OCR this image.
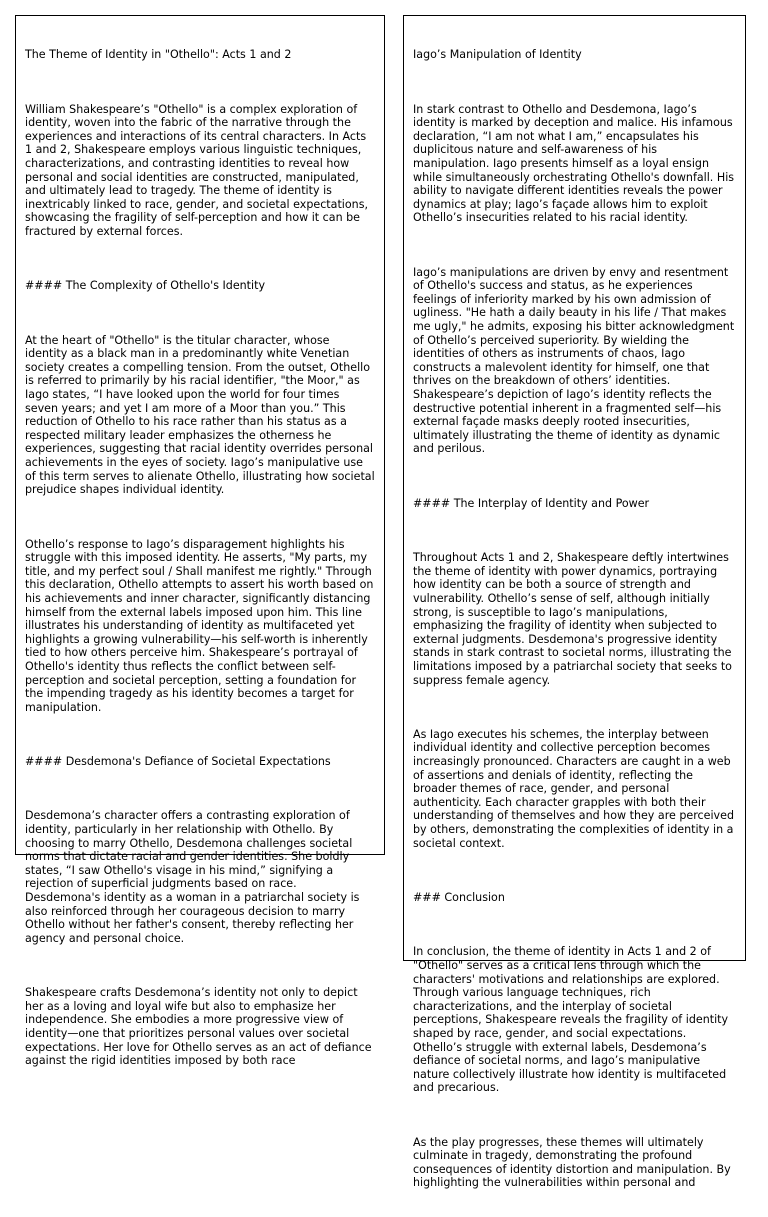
The Theme of Identity in "Othello": Acts 1 and 2

William Shakespeare’s "Othello" is a complex exploration of identity, woven into the fabric of the narrative through the experiences and interactions of its central characters. In Acts 1 and 2, Shakespeare employs various linguistic techniques, characterizations, and contrasting identities to reveal how personal and social identities are constructed, manipulated, and ultimately lead to tragedy. The theme of identity is inextricably linked to race, gender, and societal expectations, showcasing the fragility of self-perception and how it can be fractured by external forces.

#### The Complexity of Othello's Identity

At the heart of "Othello" is the titular character, whose identity as a black man in a predominantly white Venetian society creates a compelling tension. From the outset, Othello is referred to primarily by his racial identifier, "the Moor," as Iago states, “I have looked upon the world for four times seven years; and yet I am more of a Moor than you.” This reduction of Othello to his race rather than his status as a respected military leader emphasizes the otherness he experiences, suggesting that racial identity overrides personal achievements in the eyes of society. Iago’s manipulative use of this term serves to alienate Othello, illustrating how societal prejudice shapes individual identity.

Othello’s response to Iago’s disparagement highlights his struggle with this imposed identity. He asserts, "My parts, my title, and my perfect soul / Shall manifest me rightly." Through this declaration, Othello attempts to assert his worth based on his achievements and inner character, significantly distancing himself from the external labels imposed upon him. This line illustrates his understanding of identity as multifaceted yet highlights a growing vulnerability—his self-worth is inherently tied to how others perceive him. Shakespeare’s portrayal of Othello's identity thus reflects the conflict between self-perception and societal perception, setting a foundation for the impending tragedy as his identity becomes a target for manipulation.

#### Desdemona's Defiance of Societal Expectations

Desdemona’s character offers a contrasting exploration of identity, particularly in her relationship with Othello. By choosing to marry Othello, Desdemona challenges societal norms that dictate racial and gender identities. She boldly states, “I saw Othello's visage in his mind,” signifying a rejection of superficial judgments based on race. Desdemona's identity as a woman in a patriarchal society is also reinforced through her courageous decision to marry Othello without her father's consent, thereby reflecting her agency and personal choice.

Shakespeare crafts Desdemona’s identity not only to depict her as a loving and loyal wife but also to emphasize her independence. She embodies a more progressive view of identity—one that prioritizes personal values over societal expectations. Her love for Othello serves as an act of defiance against the rigid identities imposed by both race

Iago’s Manipulation of Identity

In stark contrast to Othello and Desdemona, Iago’s identity is marked by deception and malice. His infamous declaration, “I am not what I am,” encapsulates his duplicitous nature and self-awareness of his manipulation. Iago presents himself as a loyal ensign while simultaneously orchestrating Othello's downfall. His ability to navigate different identities reveals the power dynamics at play; Iago’s façade allows him to exploit Othello’s insecurities related to his racial identity.

Iago’s manipulations are driven by envy and resentment of Othello's success and status, as he experiences feelings of inferiority marked by his own admission of ugliness. "He hath a daily beauty in his life / That makes me ugly," he admits, exposing his bitter acknowledgment of Othello’s perceived superiority. By wielding the identities of others as instruments of chaos, Iago constructs a malevolent identity for himself, one that thrives on the breakdown of others’ identities. Shakespeare’s depiction of Iago’s identity reflects the destructive potential inherent in a fragmented self—his external façade masks deeply rooted insecurities, ultimately illustrating the theme of identity as dynamic and perilous.

#### The Interplay of Identity and Power

Throughout Acts 1 and 2, Shakespeare deftly intertwines the theme of identity with power dynamics, portraying how identity can be both a source of strength and vulnerability. Othello’s sense of self, although initially strong, is susceptible to Iago’s manipulations, emphasizing the fragility of identity when subjected to external judgments. Desdemona's progressive identity stands in stark contrast to societal norms, illustrating the limitations imposed by a patriarchal society that seeks to suppress female agency.

As Iago executes his schemes, the interplay between individual identity and collective perception becomes increasingly pronounced. Characters are caught in a web of assertions and denials of identity, reflecting the broader themes of race, gender, and personal authenticity. Each character grapples with both their understanding of themselves and how they are perceived by others, demonstrating the complexities of identity in a societal context.

### Conclusion

In conclusion, the theme of identity in Acts 1 and 2 of "Othello" serves as a critical lens through which the characters' motivations and relationships are explored. Through various language techniques, rich characterizations, and the interplay of societal perceptions, Shakespeare reveals the fragility of identity shaped by race, gender, and social expectations. Othello’s struggle with external labels, Desdemona’s defiance of societal norms, and Iago’s manipulative nature collectively illustrate how identity is multifaceted and precarious.

As the play progresses, these themes will ultimately culminate in tragedy, demonstrating the profound consequences of identity distortion and manipulation. By highlighting the vulnerabilities within personal and
